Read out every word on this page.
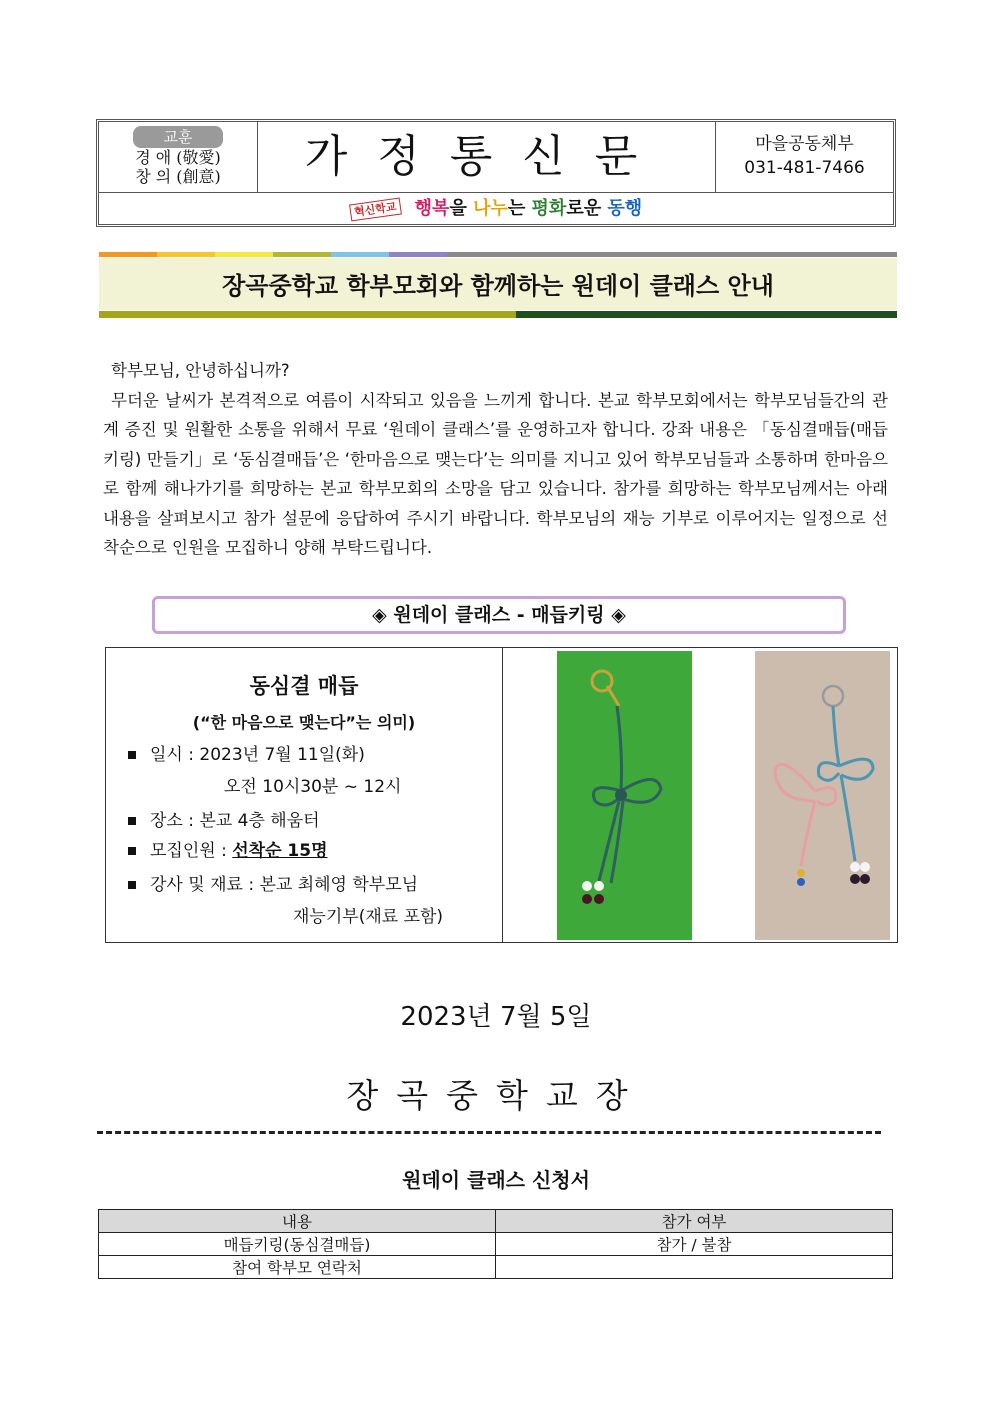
교훈
경 애 (敬愛)
창 의 (創意)	가정통신문	마을공동체부
031-481-7466
혁신학교 행복을 나누는 평화로운 동행
장곡중학교 학부모회와 함께하는 원데이 클래스 안내

학부모님, 안녕하십니까?

무더운 날씨가 본격적으로 여름이 시작되고 있음을 느끼게 합니다. 본교 학부모회에서는 학부모님들간의 관계 증진 및 원활한 소통을 위해서 무료 ‘원데이 클래스’를 운영하고자 합니다. 강좌 내용은 「동심결매듭(매듭키링) 만들기」로 ‘동심결매듭’은 ‘한마음으로 맺는다’는 의미를 지니고 있어 학부모님들과 소통하며 한마음으로 함께 해나가기를 희망하는 본교 학부모회의 소망을 담고 있습니다. 참가를 희망하는 학부모님께서는 아래 내용을 살펴보시고 참가 설문에 응답하여 주시기 바랍니다. 학부모님의 재능 기부로 이루어지는 일정으로 선착순으로 인원을 모집하니 양해 부탁드립니다.

◈ 원데이 클래스 - 매듭키링 ◈
동심결 매듭
(“한 마음으로 맺는다”는 의미)
일시 : 2023년 7월 11일(화)
오전 10시30분 ~ 12시
장소 : 본교 4층 해움터
모집인원 : 선착순 15명
강사 및 재료 : 본교 최혜영 학부모님
재능기부(재료 포함)
2023년 7월 5일
장곡중학교장
원데이 클래스 신청서
내용	참가 여부
매듭키링(동심결매듭)	참가 / 불참
참여 학부모 연락처	
